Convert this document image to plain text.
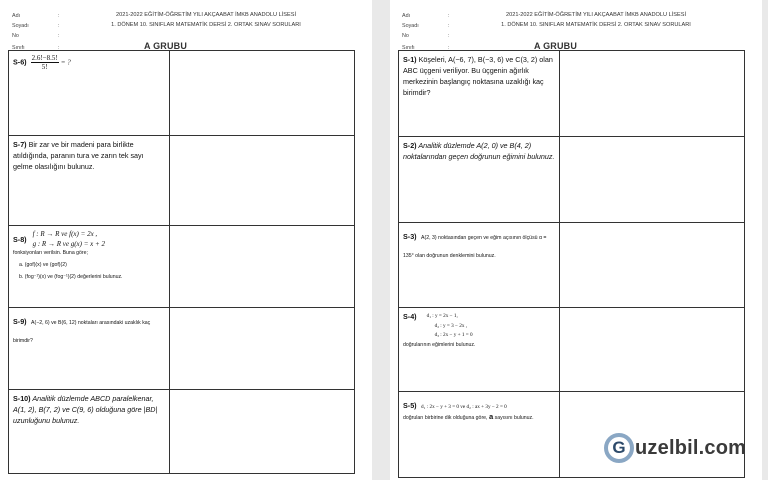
Adı	:
Soyadı	:
No	:
Sınıfı	:
2021-2022 EĞİTİM-ÖĞRETİM YILI AKÇAABAT İMKB ANADOLU LİSESİ
1. DÖNEM 10. SINIFLAR MATEMATİK DERSİ 2. ORTAK SINAV SORULARI
A GRUBU
$S-6) \frac{2.6!-8.5!}{5!}$ = ?
S-7) Bir zar ve bir madeni para birlikte atıldığında, paranın tura ve zarın tek sayı gelme olasılığını bulunuz.
S-8)
f : R → R ve f(x) = 2x ,
g : R → R ve g(x) = x + 2
fonksiyonları verilsin. Buna göre;
a. (gof)(x) ve (gof)(2)
b. (fog⁻¹)(x) ve (fog⁻¹)(2) değerlerini bulunuz.
S-9) A(−2, 6) ve B(6, 12) noktaları arasındaki uzaklık kaç birimdir?
S-10) Analitik düzlemde ABCD paralelkenar, A(1, 2), B(7, 2) ve C(9, 6) olduğuna göre |BD| uzunluğunu bulunuz.
Adı	:
Soyadı	:
No	:
Sınıfı	:
2021-2022 EĞİTİM-ÖĞRETİM YILI AKÇAABAT İMKB ANADOLU LİSESİ
1. DÖNEM 10. SINIFLAR MATEMATİK DERSİ 2. ORTAK SINAV SORULARI
A GRUBU
S-1) Köşeleri, A(−6, 7), B(−3, 6) ve C(3, 2) olan ABC üçgeni veriliyor. Bu üçgenin ağırlık merkezinin başlangıç noktasına uzaklığı kaç birimdir?
S-2) Analitik düzlemde A(2, 0) ve B(4, 2) noktalarından geçen doğrunun eğimini bulunuz.
S-3) A(2, 3) noktasından geçen ve eğim açısının ölçüsü α = 135° olan doğrunun denklemini bulunuz.
S-4) d₁ : y = 2x − 1,
d₂ : y = 3 − 2x ,
d₃ : 2x − y + 1 = 0
doğrularının eğimlerini bulunuz.
S-5) d₁ : 2x − y + 3 = 0 ve d₂ : ax + 3y − 2 = 0
doğruları birbirine dik olduğuna göre, a sayısını bulunuz.
G uzelbil.com
